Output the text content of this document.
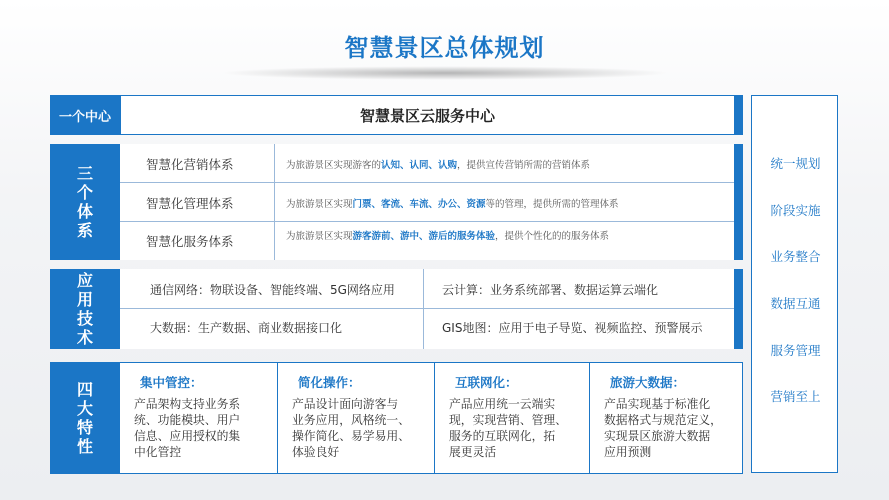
智慧景区总体规划
一个中心	智慧景区云服务中心
三个体系
智慧化营销体系	为旅游景区实现游客的认知、认同、认购，提供宣传营销所需的营销体系
智慧化管理体系	为旅游景区实现门票、客流、车流、办公、资源等的管理，提供所需的管理体系
智慧化服务体系	为旅游景区实现游客游前、游中、游后的服务体验，提供个性化的的服务体系
应用技术
通信网络：物联设备、智能终端、5G网络应用	云计算：业务系统部署、数据运算云端化
大数据：生产数据、商业数据接口化	GIS地图：应用于电子导览、视频监控、预警展示
四大特性
集中管控：
产品架构支持业务系
统、功能模块、用户
信息、应用授权的集
中化管控
简化操作：
产品设计面向游客与
业务应用，风格统一、
操作简化、易学易用、
体验良好
互联网化：
产品应用统一云端实
现，实现营销、管理、
服务的互联网化，拓
展更灵活
旅游大数据：
产品实现基于标准化
数据格式与规范定义，
实现景区旅游大数据
应用预测
统一规划
阶段实施
业务整合
数据互通
服务管理
营销至上
